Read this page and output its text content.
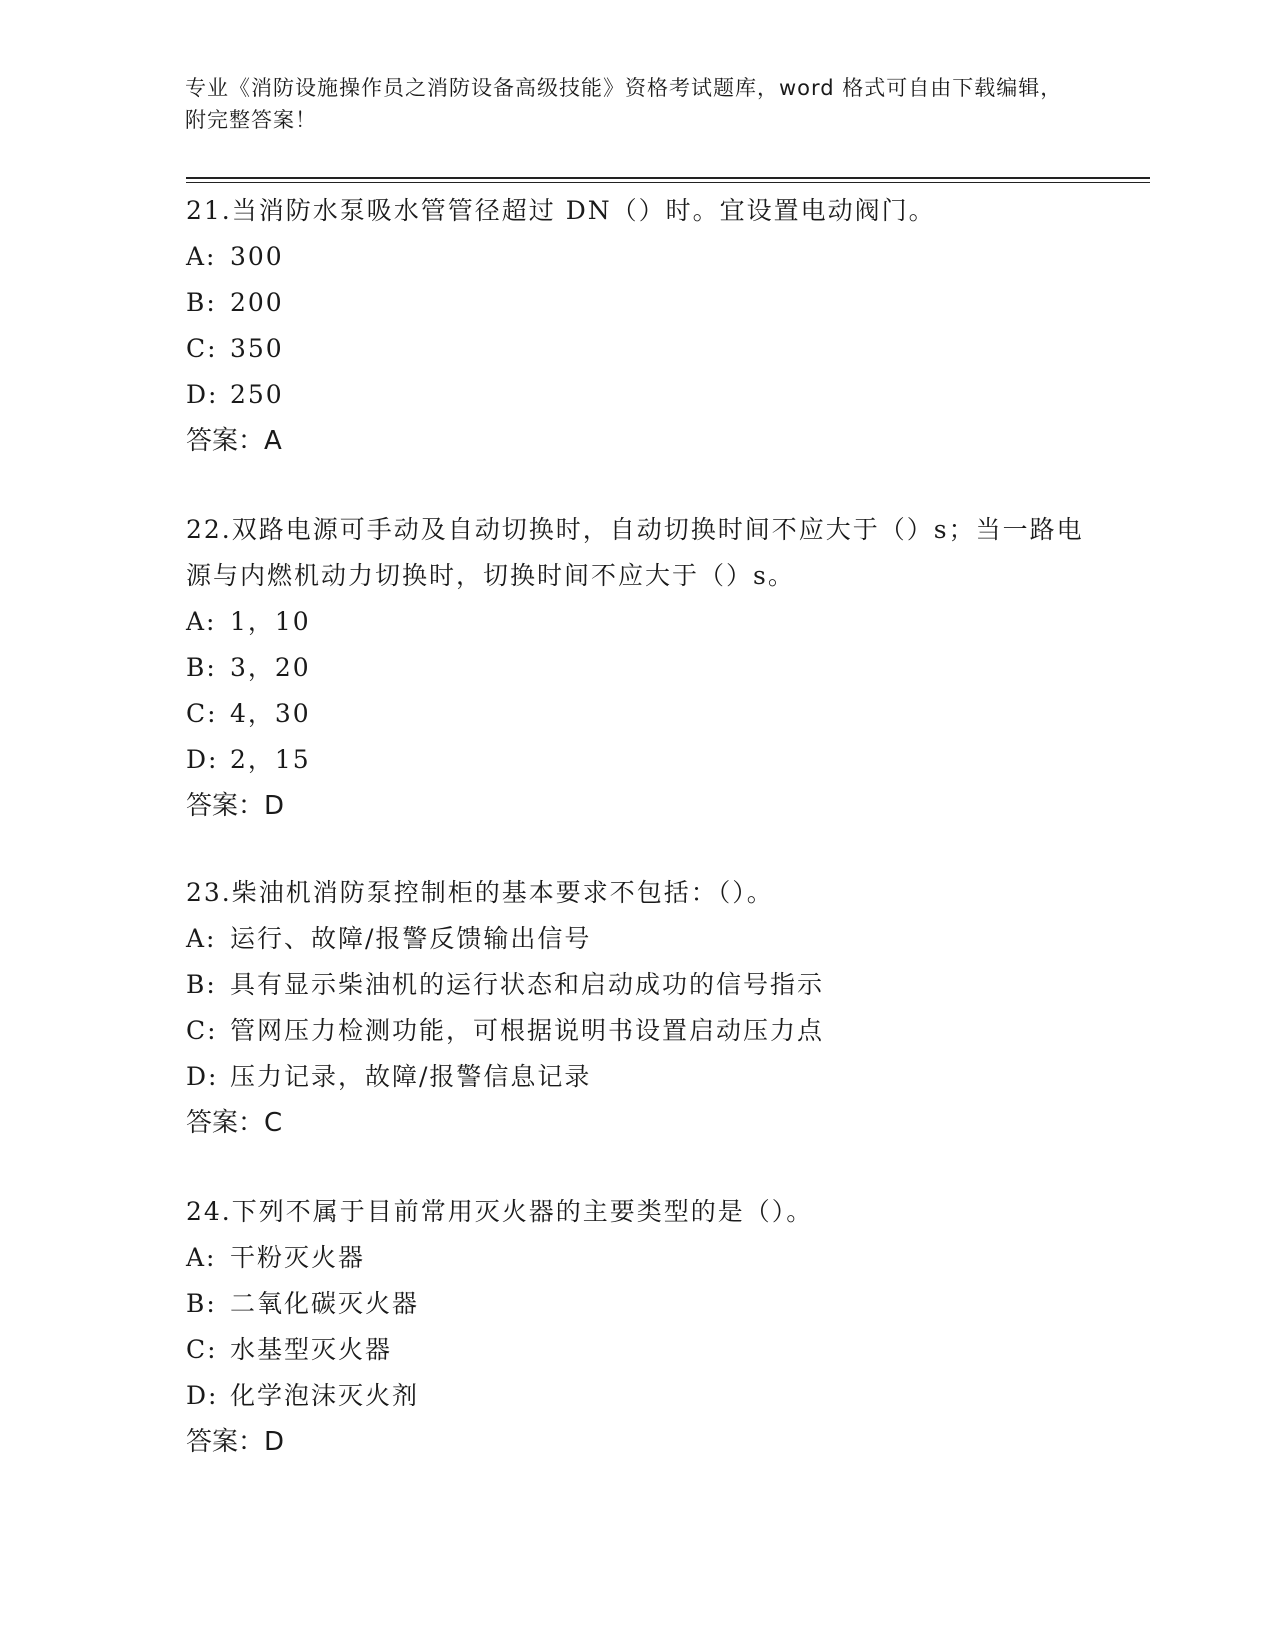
专业《消防设施操作员之消防设备高级技能》资格考试题库，word 格式可自由下载编辑，附完整答案！

21.当消防水泵吸水管管径超过 DN（）时。宜设置电动阀门。

A: 300

B: 200

C: 350

D: 250

答案：A

22.双路电源可手动及自动切换时，自动切换时间不应大于（）s；当一路电源与内燃机动力切换时，切换时间不应大于（）s。

A: 1，10

B: 3，20

C: 4，30

D: 2，15

答案：D

23.柴油机消防泵控制柜的基本要求不包括：（）。

A: 运行、故障/报警反馈输出信号

B: 具有显示柴油机的运行状态和启动成功的信号指示

C: 管网压力检测功能，可根据说明书设置启动压力点

D: 压力记录，故障/报警信息记录

答案：C

24.下列不属于目前常用灭火器的主要类型的是（）。

A: 干粉灭火器

B: 二氧化碳灭火器

C: 水基型灭火器

D: 化学泡沫灭火剂

答案：D
